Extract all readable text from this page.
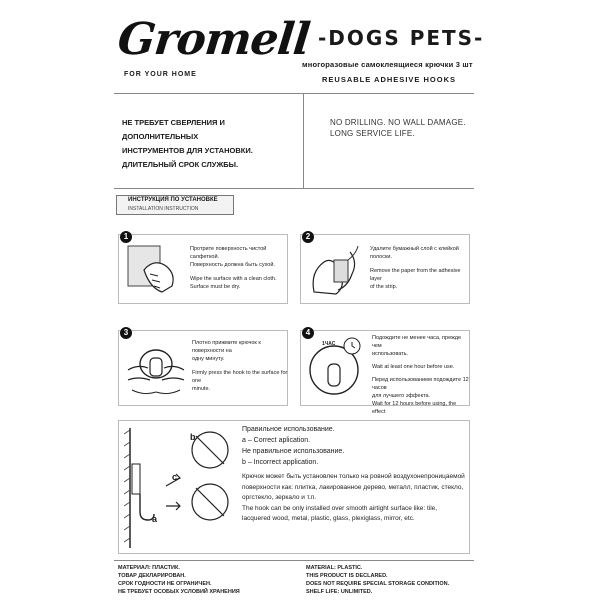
Gromell
FOR YOUR HOME
-DOGS PETS-
многоразовые самоклеящиеся крючки 3 шт
REUSABLE ADHESIVE HOOKS
НЕ ТРЕБУЕТ СВЕРЛЕНИЯ И ДОПОЛНИТЕЛЬНЫХ
ИНСТРУМЕНТОВ ДЛЯ УСТАНОВКИ.
ДЛИТЕЛЬНЫЙ СРОК СЛУЖБЫ.
NO DRILLING. NO WALL DAMAGE.
LONG SERVICE LIFE.
ИНСТРУКЦИЯ ПО УСТАНОВКЕ
INSTALLATION INSTRUCTION
1
Протрите поверхность чистой салфеткой.
Поверхность должна быть сухой.
Wipe the surface with a clean cloth.
Surface must be dry.
2
Удалите бумажный слой с клейкой
полоски.
Remove the paper from the adhesive layer
of the strip.
3
Плотно прижмите крючок к поверхности на
одну минуту.
Firmly press the hook to the surface for one
minute.
4
1ЧАС
Подождите не менее часа, прежде чем
использовать.
Wait at least one hour before use.
Перед использованием подождите 12 часов
для лучшего эффекта.
Wait for 12 hours before using, the effect
b
c
a
Правильное использование.
а – Correct aplication.
Не правильное использование.
b – Incorrect application.
Крючок может быть установлен только на ровной воздухонепроницаемой
поверхности как: плитка, лакированное дерево, металл, пластик, стекло,
оргстекло, зеркало и т.п.
The hook can be only installed over smooth airtight surface like: tile,
lacquered wood, metal, plastic, glass, plexiglass, mirror, etc.
МАТЕРИАЛ: ПЛАСТИК.
ТОВАР ДЕКЛАРИРОВАН.
СРОК ГОДНОСТИ НЕ ОГРАНИЧЕН.
НЕ ТРЕБУЕТ ОСОБЫХ УСЛОВИЙ ХРАНЕНИЯ
MATERIAL: PLASTIC.
THIS PRODUCT IS DECLARED.
DOES NOT REQUIRE SPECIAL STORAGE CONDITION.
SHELF LIFE: UNLIMITED.
